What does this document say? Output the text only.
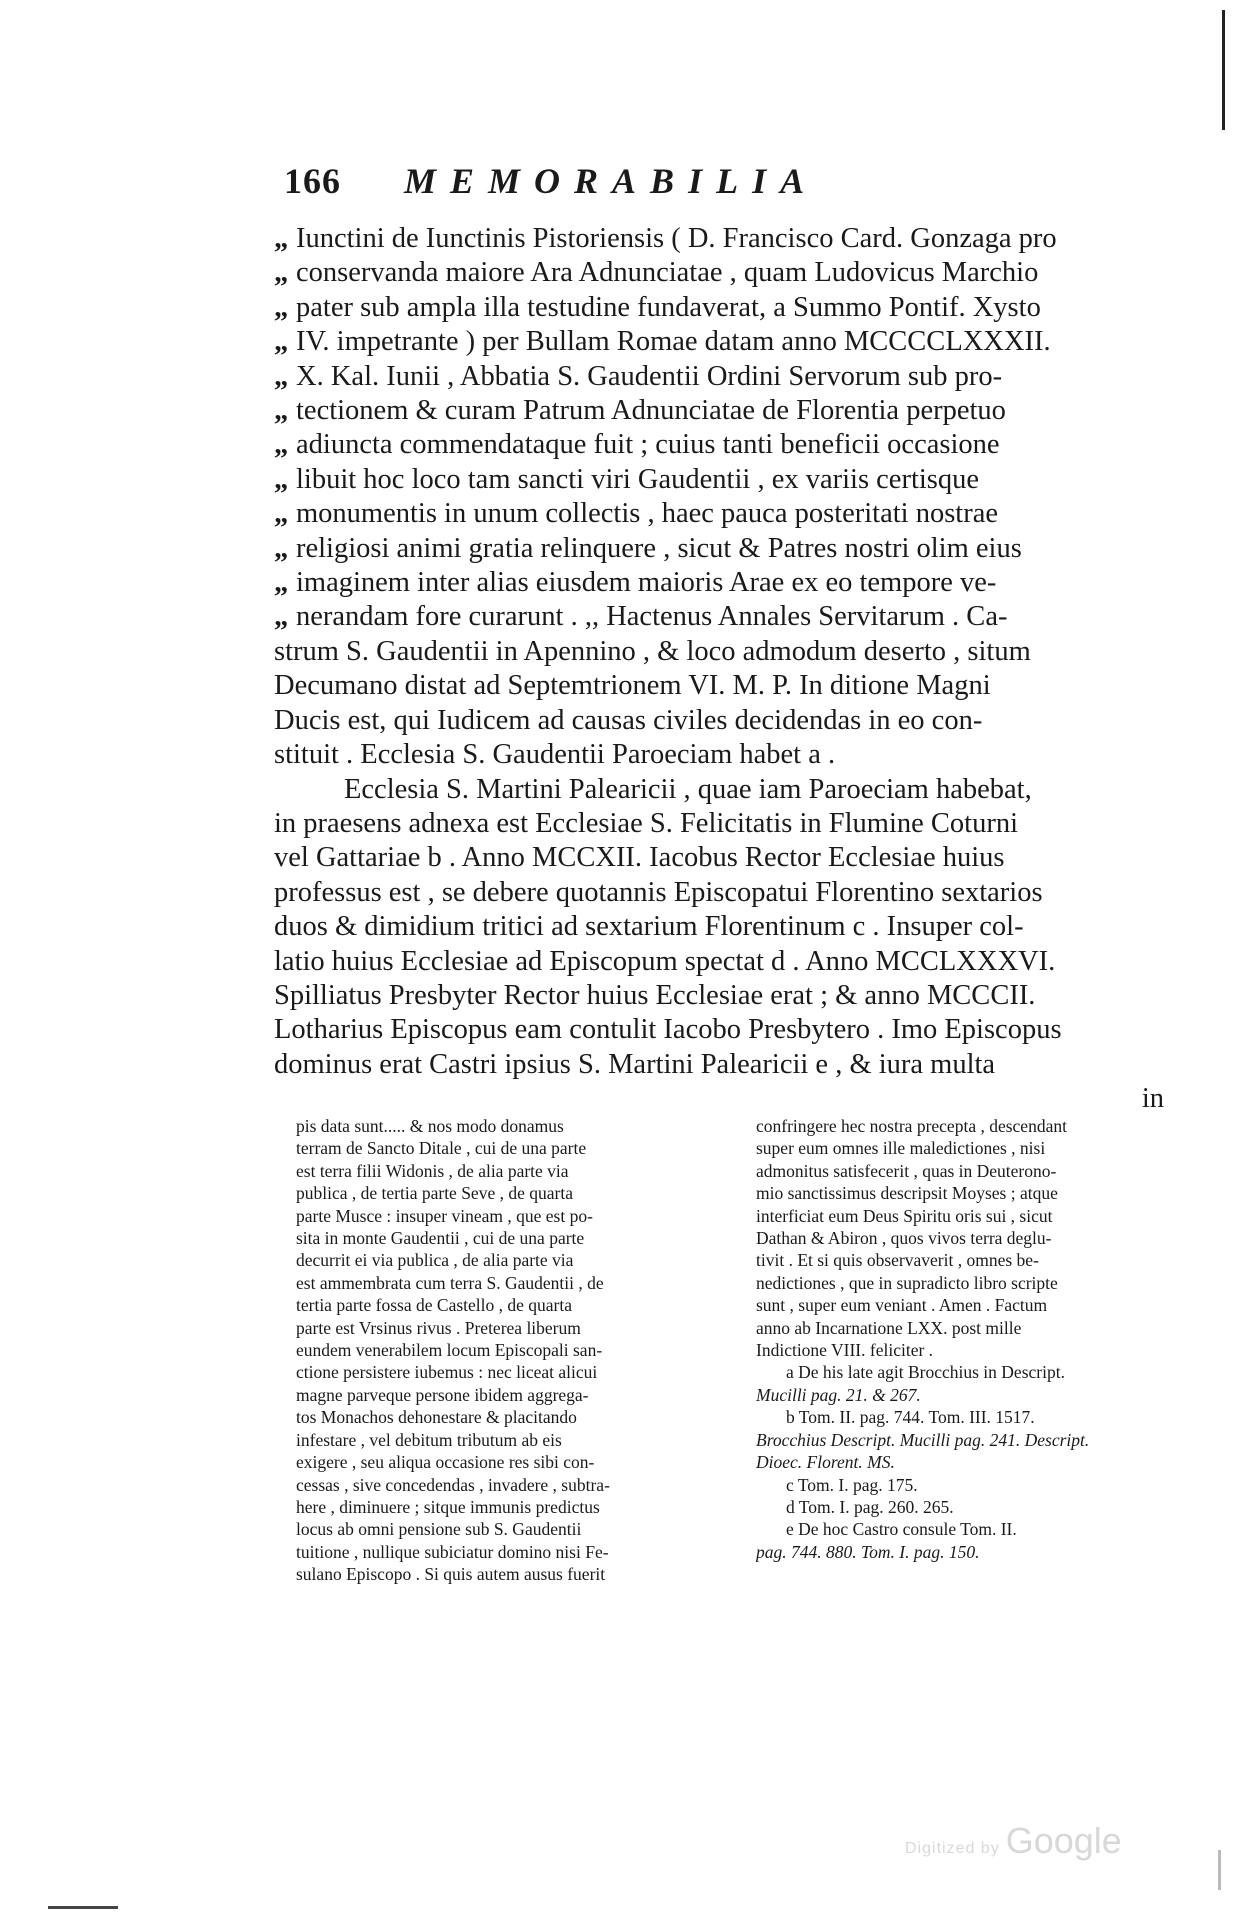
166 MEMORABILIA
„ Iunctini de Iunctinis Pistoriensis ( D. Francisco Card. Gonzaga pro
„ conservanda maiore Ara Adnunciatae , quam Ludovicus Marchio
„ pater sub ampla illa testudine fundaverat, a Summo Pontif. Xysto
„ IV. impetrante ) per Bullam Romae datam anno MCCCCLXXXII.
„ X. Kal. Iunii , Abbatia S. Gaudentii Ordini Servorum sub pro-
„ tectionem & curam Patrum Adnunciatae de Florentia perpetuo
„ adiuncta commendataque fuit ; cuius tanti beneficii occasione
„ libuit hoc loco tam sancti viri Gaudentii , ex variis certisque
„ monumentis in unum collectis , haec pauca posteritati nostrae
„ religiosi animi gratia relinquere , sicut & Patres nostri olim eius
„ imaginem inter alias eiusdem maioris Arae ex eo tempore ve-
„ nerandam fore curarunt . ,, Hactenus Annales Servitarum . Ca-
strum S. Gaudentii in Apennino , & loco admodum deserto , situm
Decumano distat ad Septemtrionem VI. M. P. In ditione Magni
Ducis est, qui Iudicem ad causas civiles decidendas in eo con-
stituit . Ecclesia S. Gaudentii Paroeciam habet a .
Ecclesia S. Martini Palearicii , quae iam Paroeciam habebat,
in praesens adnexa est Ecclesiae S. Felicitatis in Flumine Coturni
vel Gattariae b . Anno MCCXII. Iacobus Rector Ecclesiae huius
professus est , se debere quotannis Episcopatui Florentino sextarios
duos & dimidium tritici ad sextarium Florentinum c . Insuper col-
latio huius Ecclesiae ad Episcopum spectat d . Anno MCCLXXXVI.
Spilliatus Presbyter Rector huius Ecclesiae erat ; & anno MCCCII.
Lotharius Episcopus eam contulit Iacobo Presbytero . Imo Episcopus
dominus erat Castri ipsius S. Martini Palearicii e , & iura multa
in
pis data sunt..... & nos modo donamus
terram de Sancto Ditale , cui de una parte
est terra filii Widonis , de alia parte via
publica , de tertia parte Seve , de quarta
parte Musce : insuper vineam , que est po-
sita in monte Gaudentii , cui de una parte
decurrit ei via publica , de alia parte via
est ammembrata cum terra S. Gaudentii , de
tertia parte fossa de Castello , de quarta
parte est Vrsinus rivus . Preterea liberum
eundem venerabilem locum Episcopali san-
ctione persistere iubemus : nec liceat alicui
magne parveque persone ibidem aggrega-
tos Monachos dehonestare & placitando
infestare , vel debitum tributum ab eis
exigere , seu aliqua occasione res sibi con-
cessas , sive concedendas , invadere , subtra-
here , diminuere ; sitque immunis predictus
locus ab omni pensione sub S. Gaudentii
tuitione , nullique subiciatur domino nisi Fe-
sulano Episcopo . Si quis autem ausus fuerit
confringere hec nostra precepta , descendant
super eum omnes ille maledictiones , nisi
admonitus satisfecerit , quas in Deuterono-
mio sanctissimus descripsit Moyses ; atque
interficiat eum Deus Spiritu oris sui , sicut
Dathan & Abiron , quos vivos terra deglu-
tivit . Et si quis observaverit , omnes be-
nedictiones , que in supradicto libro scripte
sunt , super eum veniant . Amen . Factum
anno ab Incarnatione LXX. post mille
Indictione VIII. feliciter .
a De his late agit Brocchius in Descript.
Mucilli pag. 21. & 267.
b Tom. II. pag. 744. Tom. III. 1517.
Brocchius Descript. Mucilli pag. 241. Descript.
Dioec. Florent. MS.
c Tom. I. pag. 175.
d Tom. I. pag. 260. 265.
e De hoc Castro consule Tom. II.
pag. 744. 880. Tom. I. pag. 150.
Digitized by Google
